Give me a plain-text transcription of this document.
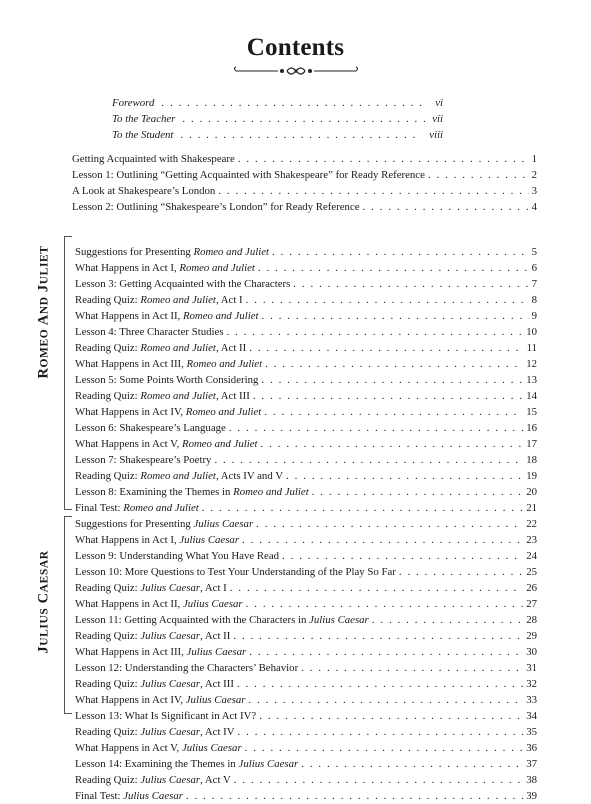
Contents
Foreword . . .	vi
To the Teacher . . .	vii
To the Student . . .	viii
Getting Acquainted with Shakespeare . . .	1
Lesson 1: Outlining “Getting Acquainted with Shakespeare” for Ready Reference . . .	2
A Look at Shakespeare’s London . . .	3
Lesson 2: Outlining “Shakespeare’s London” for Ready Reference . . .	4
ROMEO AND JULIET Suggestions for Presenting Romeo and Juliet . . .	5
What Happens in Act I, Romeo and Juliet . . .	6
Lesson 3: Getting Acquainted with the Characters . . .	7
Reading Quiz: Romeo and Juliet, Act I . . .	8
What Happens in Act II, Romeo and Juliet . . .	9
Lesson 4: Three Character Studies . . .	10
Reading Quiz: Romeo and Juliet, Act II . . .	11
What Happens in Act III, Romeo and Juliet . . .	12
Lesson 5: Some Points Worth Considering . . .	13
Reading Quiz: Romeo and Juliet, Act III . . .	14
What Happens in Act IV, Romeo and Juliet . . .	15
Lesson 6: Shakespeare’s Language . . .	16
What Happens in Act V, Romeo and Juliet . . .	17
Lesson 7: Shakespeare’s Poetry . . .	18
Reading Quiz: Romeo and Juliet, Acts IV and V . . .	19
Lesson 8: Examining the Themes in Romeo and Juliet . . .	20
Final Test: Romeo and Juliet . . .	21
JULIUS CAESAR
Suggestions for Presenting Julius Caesar . . .	22
What Happens in Act I, Julius Caesar . . .	23
Lesson 9: Understanding What You Have Read . . .	24
Lesson 10: More Questions to Test Your Understanding of the Play So Far . . .	25
Reading Quiz: Julius Caesar, Act I . . .	26
What Happens in Act II, Julius Caesar . . .	27
Lesson 11: Getting Acquainted with the Characters in Julius Caesar . . .	28
Reading Quiz: Julius Caesar, Act II . . .	29
What Happens in Act III, Julius Caesar . . .	30
Lesson 12: Understanding the Characters’ Behavior . . .	31
Reading Quiz: Julius Caesar, Act III . . .	32
What Happens in Act IV, Julius Caesar . . .	33
Lesson 13: What Is Significant in Act IV? . . .	34
Reading Quiz: Julius Caesar, Act IV . . .	35
What Happens in Act V, Julius Caesar . . .	36
Lesson 14: Examining the Themes in Julius Caesar . . .	37
Reading Quiz: Julius Caesar, Act V . . .	38
Final Test: Julius Caesar . . .	39
